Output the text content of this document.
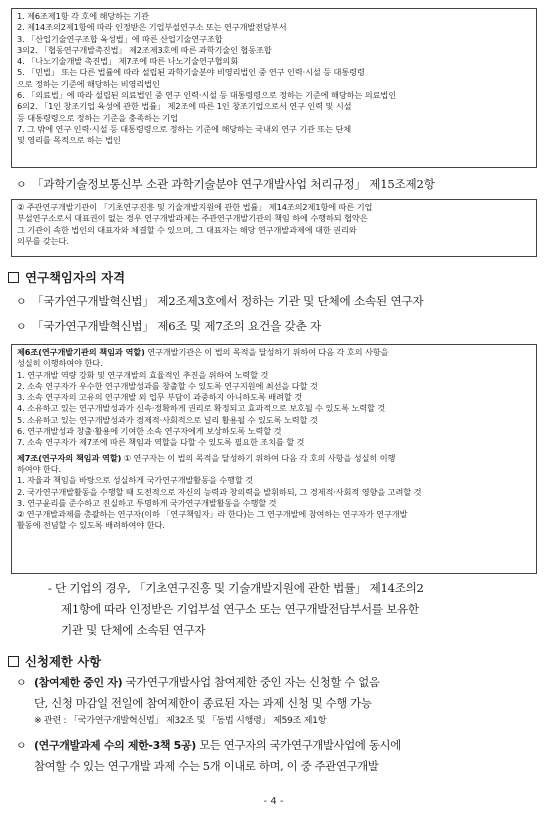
1. 제6조제1항 각 호에 해당하는 기관
2. 제14조의2제1항에 따라 인정받은 기업부설연구소 또는 연구개발전담부서
3. 「산업기술연구조합 육성법」에 따른 산업기술연구조합
3의2. 「협동연구개발촉진법」 제2조제3호에 따른 과학기술인 협동조합
4. 「나노기술개발 촉진법」 제7조에 따른 나노기술연구협의회
5. 「민법」 또는 다른 법률에 따라 설립된 과학기술분야 비영리법인 중 연구 인력·시설 등 대통령령
으로 정하는 기준에 해당하는 비영리법인
6. 「의료법」에 따라 설립된 의료법인 중 연구 인력·시설 등 대통령령으로 정하는 기준에 해당하는 의료법인
6의2. 「1인 창조기업 육성에 관한 법률」 제2조에 따른 1인 창조기업으로서 연구 인력 및 시설
등 대통령령으로 정하는 기준을 충족하는 기업
7. 그 밖에 연구 인력·시설 등 대통령령으로 정하는 기준에 해당하는 국내외 연구 기관 또는 단체
및 영리를 목적으로 하는 법인
ㅇ 「과학기술정보통신부 소관 과학기술분야 연구개발사업 처리규정」 제15조제2항
② 주관연구개발기관이 「기초연구진흥 및 기술개발지원에 관한 법률」 제14조의2제1항에 따른 기업
부설연구소로서 대표권이 없는 경우 연구개발과제는 주관연구개발기관의 책임 하에 수행하되 협약은
그 기관이 속한 법인의 대표자와 체결할 수 있으며, 그 대표자는 해당 연구개발과제에 대한 권리와
의무를 갖는다.
연구책임자의 자격
ㅇ 「국가연구개발혁신법」 제2조제3호에서 정하는 기관 및 단체에 소속된 연구자
ㅇ 「국가연구개발혁신법」 제6조 및 제7조의 요건을 갖춘 자
제6조(연구개발기관의 책임과 역할) 연구개발기관은 이 법의 목적을 달성하기 위하여 다음 각 호의 사항을
성실히 이행하여야 한다.
1. 연구개발 역량 강화 및 연구개발의 효율적인 추진을 위하여 노력할 것
2. 소속 연구자가 우수한 연구개발성과를 창출할 수 있도록 연구지원에 최선을 다할 것
3. 소속 연구자의 고유의 연구개발 외 업무 부담이 과중하지 아니하도록 배려할 것
4. 소유하고 있는 연구개발성과가 신속·정확하게 권리로 확정되고 효과적으로 보호될 수 있도록 노력할 것
5. 소유하고 있는 연구개발성과가 경제적·사회적으로 널리 활용될 수 있도록 노력할 것
6. 연구개발성과 창출·활용에 기여한 소속 연구자에게 보상하도록 노력할 것
7. 소속 연구자가 제7조에 따른 책임과 역할을 다할 수 있도록 필요한 조치를 할 것
제7조(연구자의 책임과 역할) ① 연구자는 이 법의 목적을 달성하기 위하여 다음 각 호의 사항을 성실히 이행
하여야 한다.
1. 자율과 책임을 바탕으로 성실하게 국가연구개발활동을 수행할 것
2. 국가연구개발활동을 수행할 때 도전적으로 자신의 능력과 창의력을 발휘하되, 그 경제적·사회적 영향을 고려할 것
3. 연구윤리를 준수하고 진실하고 투명하게 국가연구개발활동을 수행할 것
② 연구개발과제를 총괄하는 연구자(이하 「연구책임자」라 한다)는 그 연구개발에 참여하는 연구자가 연구개발
활동에 전념할 수 있도록 배려하여야 한다.
- 단 기업의 경우, 「기초연구진흥 및 기술개발지원에 관한 법률」 제14조의2
제1항에 따라 인정받은 기업부설 연구소 또는 연구개발전담부서를 보유한
기관 및 단체에 소속된 연구자
신청제한 사항
ㅇ (참여제한 중인 자) 국가연구개발사업 참여제한 중인 자는 신청할 수 없음
단, 신청 마감일 전일에 참여제한이 종료된 자는 과제 신청 및 수행 가능
※ 관련 : 「국가연구개발혁신법」 제32조 및 「동법 시행령」 제59조 제1항
ㅇ (연구개발과제 수의 제한-3책 5공) 모든 연구자의 국가연구개발사업에 동시에
참여할 수 있는 연구개발 과제 수는 5개 이내로 하며, 이 중 주관연구개발
- 4 -
